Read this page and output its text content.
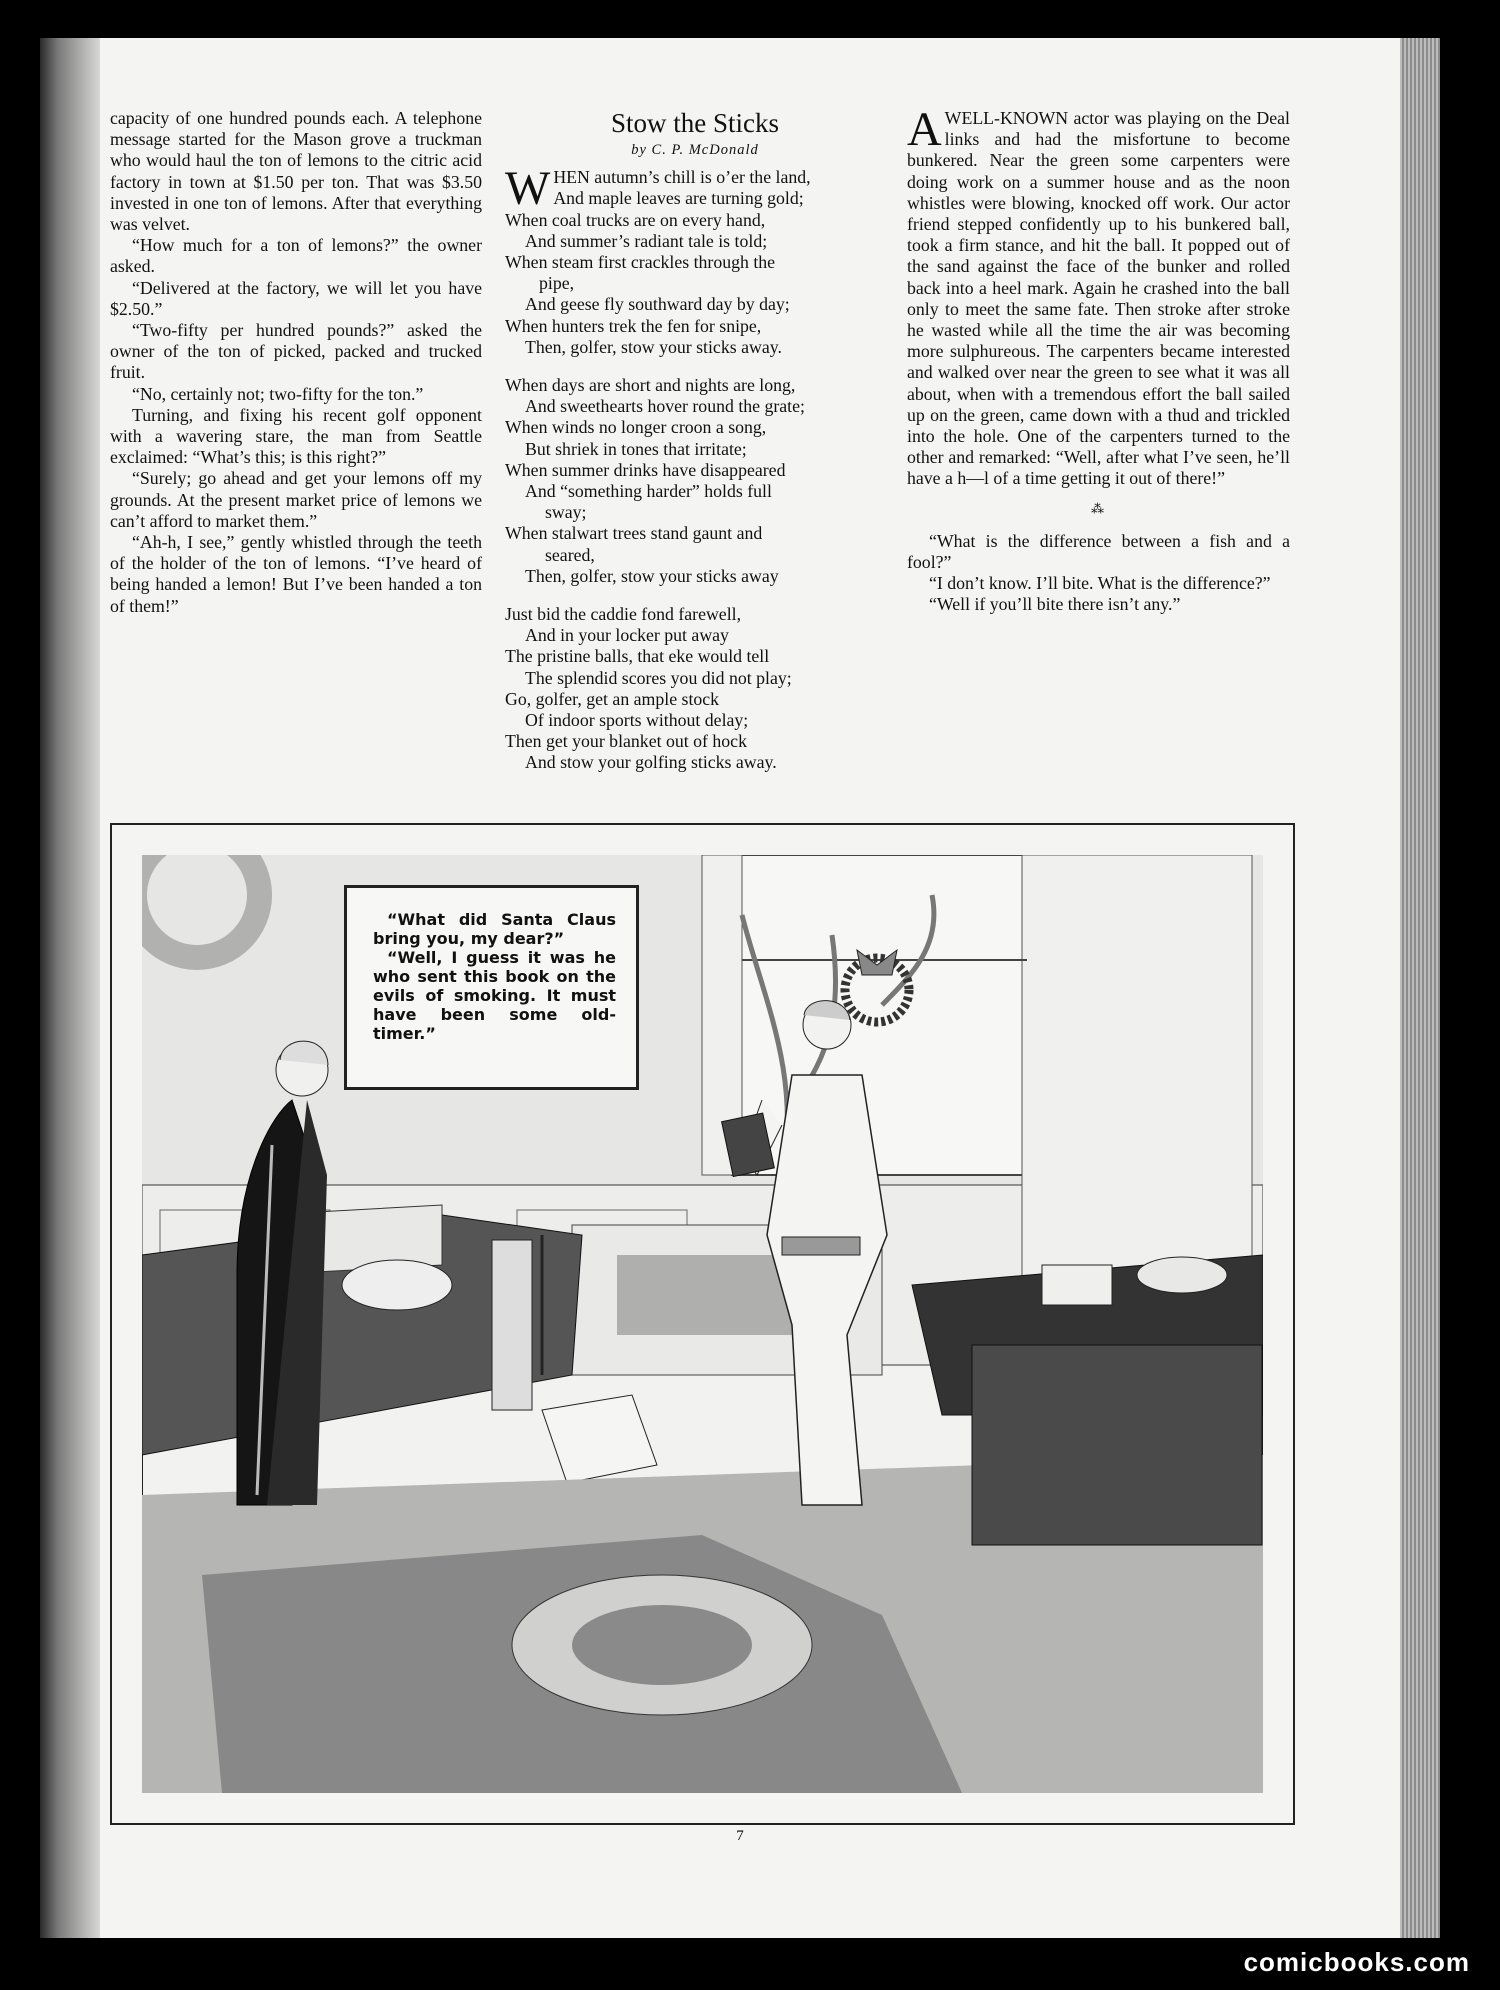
capacity of one hundred pounds each. A telephone message started for the Mason grove a truckman who would haul the ton of lemons to the citric acid factory in town at $1.50 per ton. That was $3.50 invested in one ton of lemons. After that everything was velvet.

“How much for a ton of lemons?” the owner asked.

“Delivered at the factory, we will let you have $2.50.”

“Two-fifty per hundred pounds?” asked the owner of the ton of picked, packed and trucked fruit.

“No, certainly not; two-fifty for the ton.”

Turning, and fixing his recent golf opponent with a wavering stare, the man from Seattle exclaimed: “What’s this; is this right?”

“Surely; go ahead and get your lemons off my grounds. At the present market price of lemons we can’t afford to market them.”

“Ah-h, I see,” gently whistled through the teeth of the holder of the ton of lemons. “I’ve heard of being handed a lemon! But I’ve been handed a ton of them!”

Stow the Sticks
by C. P. McDonald
W HEN autumn’s chill is o’er the land,
And maple leaves are turning gold;
When coal trucks are on every hand,
And summer’s radiant tale is told;
When steam first crackles through the
pipe,
And geese fly southward day by day;
When hunters trek the fen for snipe,
Then, golfer, stow your sticks away.
When days are short and nights are long,
And sweethearts hover round the grate;
When winds no longer croon a song,
But shriek in tones that irritate;
When summer drinks have disappeared
And “something harder” holds full
sway;
When stalwart trees stand gaunt and
seared,
Then, golfer, stow your sticks away
Just bid the caddie fond farewell,
And in your locker put away
The pristine balls, that eke would tell
The splendid scores you did not play;
Go, golfer, get an ample stock
Of indoor sports without delay;
Then get your blanket out of hock
And stow your golfing sticks away.

AWELL-KNOWN actor was playing on the Deal links and had the misfortune to become bunkered. Near the green some carpenters were doing work on a summer house and as the noon whistles were blowing, knocked off work. Our actor friend stepped confidently up to his bunkered ball, took a firm stance, and hit the ball. It popped out of the sand against the face of the bunker and rolled back into a heel mark. Again he crashed into the ball only to meet the same fate. Then stroke after stroke he wasted while all the time the air was becoming more sulphureous. The carpenters became interested and walked over near the green to see what it was all about, when with a tremendous effort the ball sailed up on the green, came down with a thud and trickled into the hole. One of the carpenters turned to the other and remarked: “Well, after what I’ve seen, he’ll have a h—l of a time getting it out of there!”

⁂

“What is the difference between a fish and a fool?”

“I don’t know. I’ll bite. What is the difference?”

“Well if you’ll bite there isn’t any.”

“What did Santa Claus bring you, my dear?”

“Well, I guess it was he who sent this book on the evils of smoking. It must have been some old-timer.”

7
comicbooks.com
